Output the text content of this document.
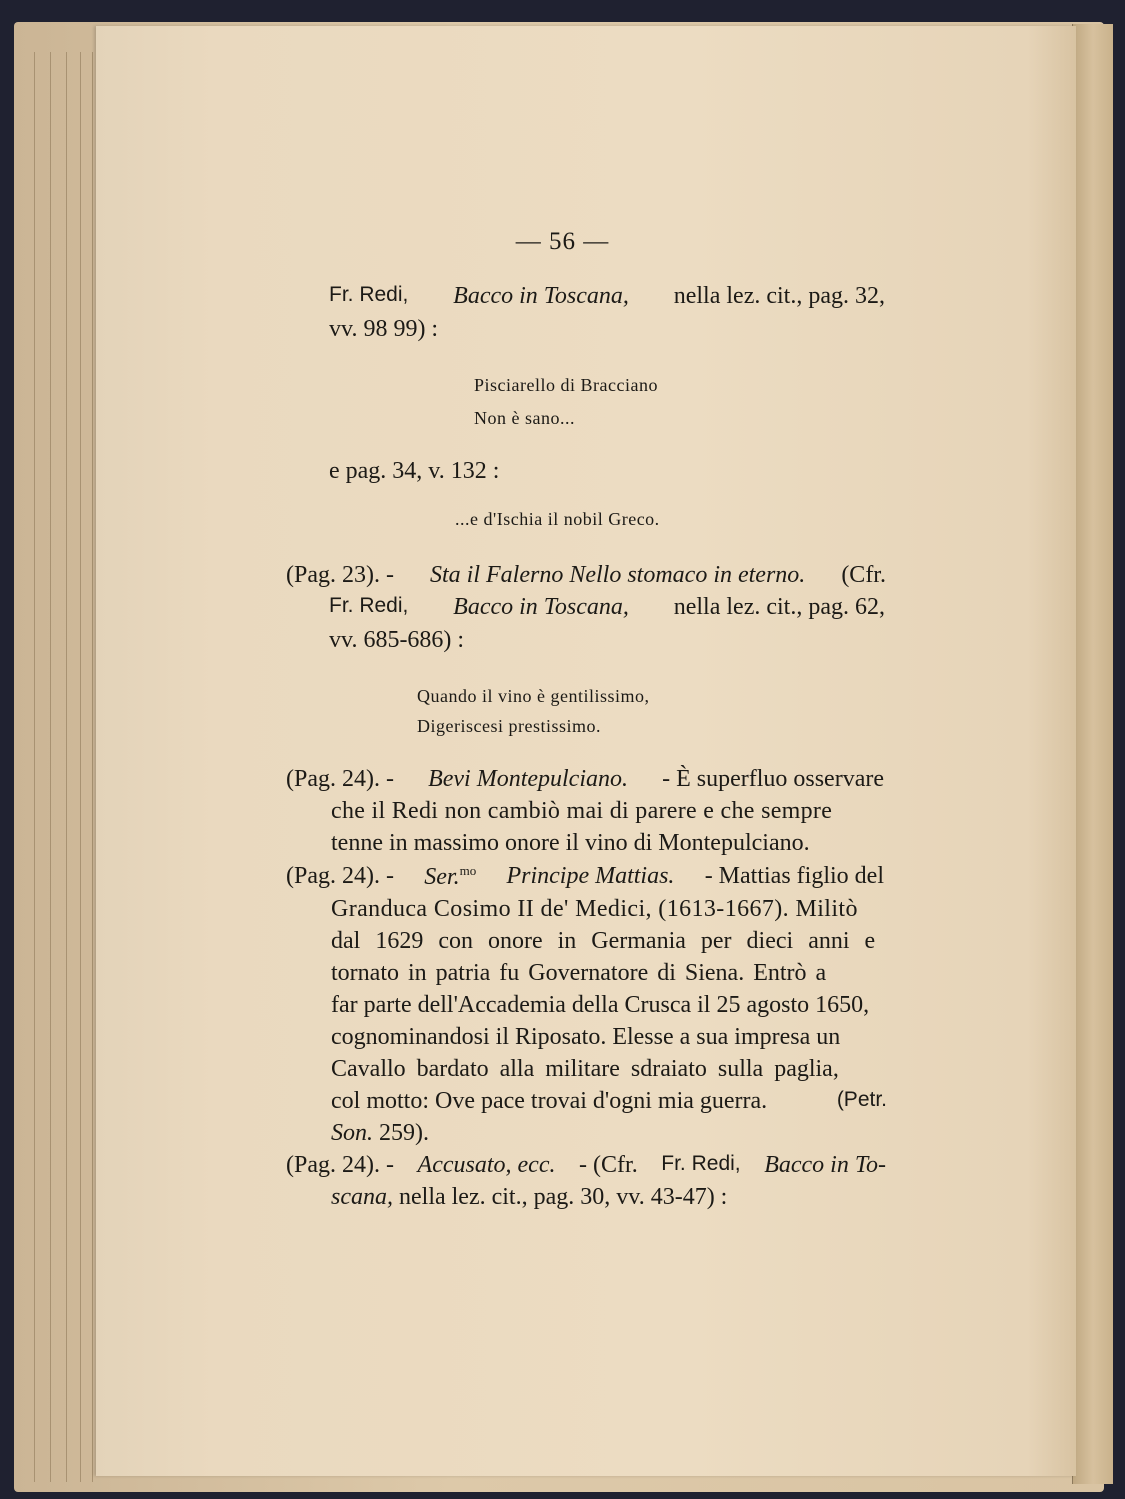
— 56 —
Fr. Redi, Bacco in Toscana, nella lez. cit., pag. 32,
vv. 98 99) :
Pisciarello di Bracciano
Non è sano...
e pag. 34, v. 132 :
...e d'Ischia il nobil Greco.
(Pag. 23). - Sta il Falerno Nello stomaco in eterno. (Cfr.
Fr. Redi, Bacco in Toscana, nella lez. cit., pag. 62,
vv. 685-686) :
Quando il vino è gentilissimo,
Digeriscesi prestissimo.
(Pag. 24). - Bevi Montepulciano. - È superfluo osservare
che il Redi non cambiò mai di parere e che sempre
tenne in massimo onore il vino di Montepulciano.
(Pag. 24). - Ser.$^{mo}$ Principe Mattias. - Mattias figlio del
Granduca Cosimo II de' Medici, (1613-1667). Militò
dal 1629 con onore in Germania per dieci anni e
tornato in patria fu Governatore di Siena. Entrò a
far parte dell'Accademia della Crusca il 25 agosto 1650,
cognominandosi il Riposato. Elesse a sua impresa un
Cavallo bardato alla militare sdraiato sulla paglia,
col motto: Ove pace trovai d'ogni mia guerra.	(Petr.
Son. 259).
(Pag. 24). - Accusato, ecc. - (Cfr. Fr. Redi, Bacco in To-
scana, nella lez. cit., pag. 30, vv. 43-47) :
